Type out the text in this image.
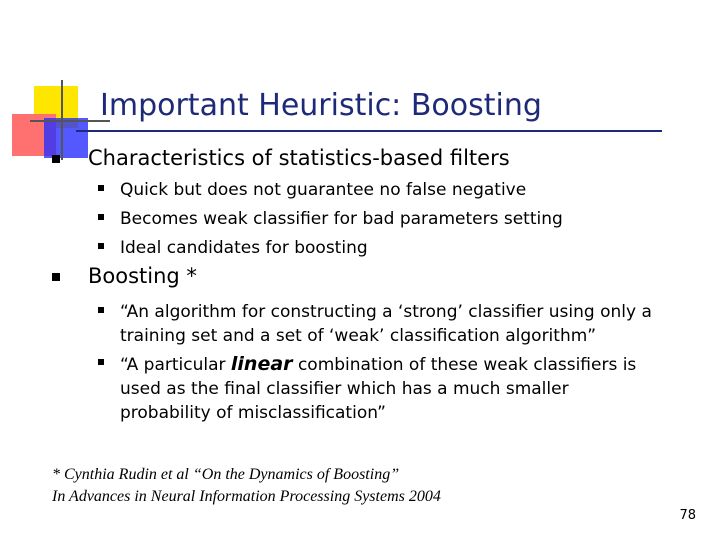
Important Heuristic: Boosting
Characteristics of statistics-based filters
Quick but does not guarantee no false negative
Becomes weak classifier for bad parameters setting
Ideal candidates for boosting
Boosting *
“An algorithm for constructing a ‘strong’ classifier using only a training set and a set of ‘weak’ classification algorithm”
“A particular linear combination of these weak classifiers is used as the final classifier which has a much smaller probability of misclassification”
* Cynthia Rudin et al “On the Dynamics of Boosting”
In Advances in Neural Information Processing Systems 2004
78
